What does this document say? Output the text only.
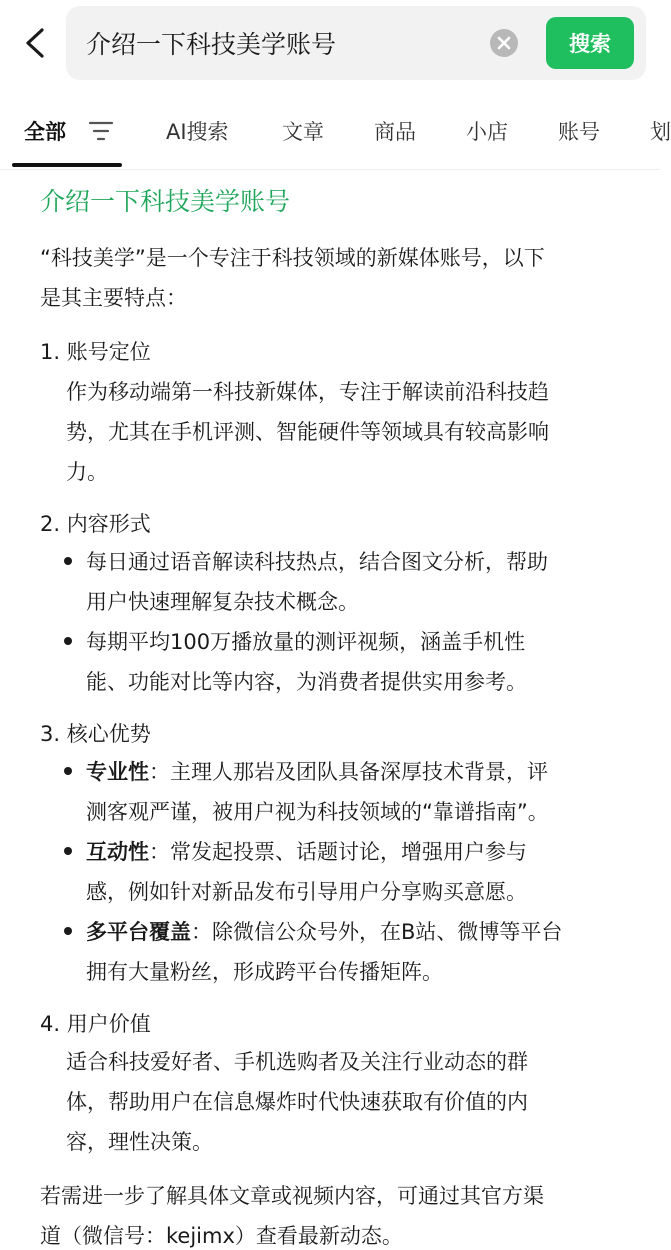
介绍一下科技美学账号
搜索
全部	AI搜索	文章 商品 小店 账号 划
介绍一下科技美学账号
“科技美学”是一个专注于科技领域的新媒体账号，以下
是其主要特点：
1. 账号定位
作为移动端第一科技新媒体，专注于解读前沿科技趋
势，尤其在手机评测、智能硬件等领域具有较高影响
力。
2. 内容形式
每日通过语音解读科技热点，结合图文分析，帮助
用户快速理解复杂技术概念。
每期平均100万播放量的测评视频，涵盖手机性
能、功能对比等内容，为消费者提供实用参考。
3. 核心优势
专业性：主理人那岩及团队具备深厚技术背景，评
测客观严谨，被用户视为科技领域的“靠谱指南”。
互动性：常发起投票、话题讨论，增强用户参与
感，例如针对新品发布引导用户分享购买意愿。
多平台覆盖：除微信公众号外，在B站、微博等平台
拥有大量粉丝，形成跨平台传播矩阵。
4. 用户价值
适合科技爱好者、手机选购者及关注行业动态的群
体，帮助用户在信息爆炸时代快速获取有价值的内
容，理性决策。
若需进一步了解具体文章或视频内容，可通过其官方渠
道（微信号：kejimx）查看最新动态。
